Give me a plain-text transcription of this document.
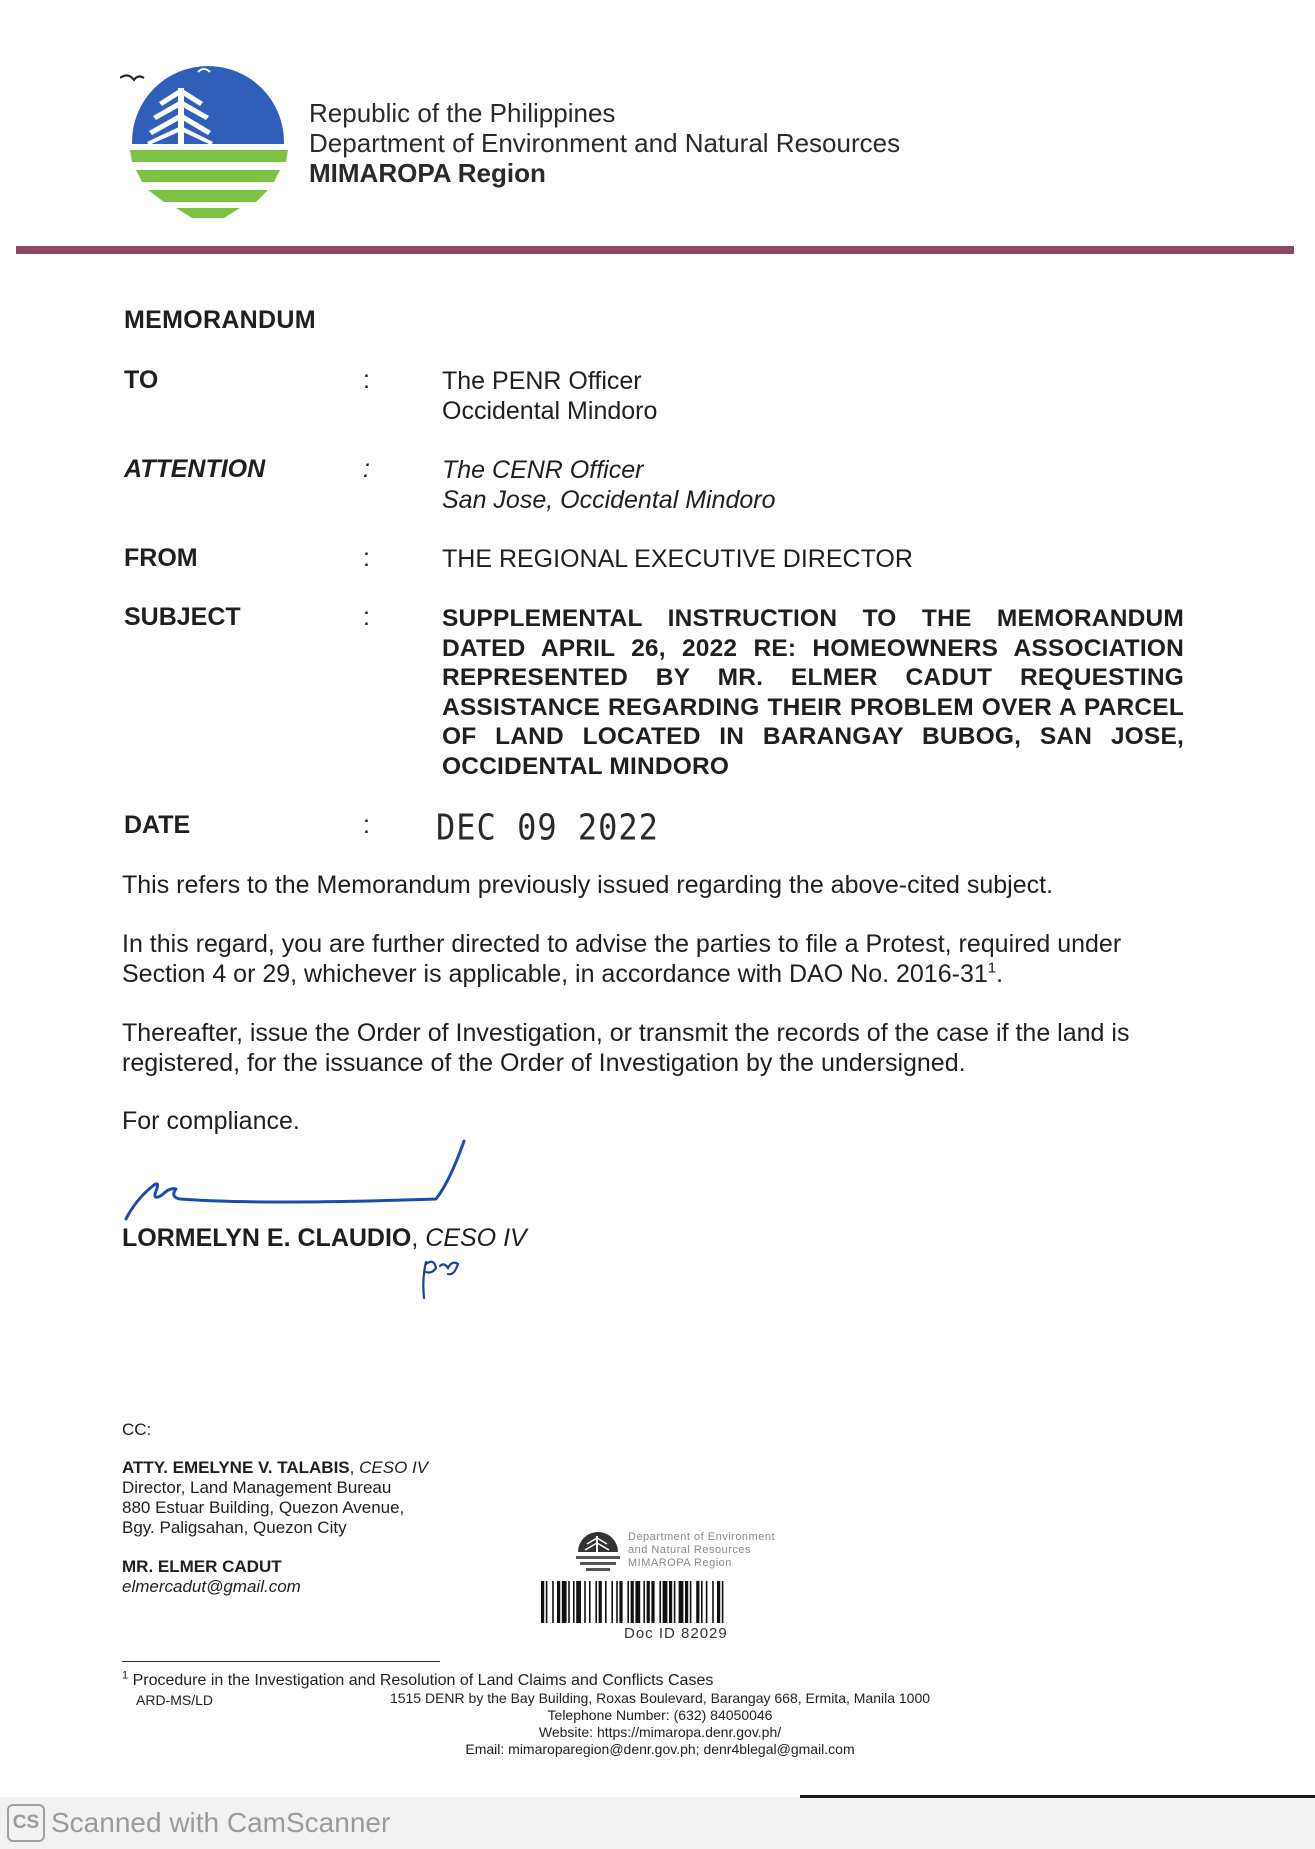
Republic of the Philippines
Department of Environment and Natural Resources
MIMAROPA Region
MEMORANDUM
TO	:	The PENR Officer
Occidental Mindoro
ATTENTION	:	The CENR Officer
San Jose, Occidental Mindoro
FROM	:	THE REGIONAL EXECUTIVE DIRECTOR
SUBJECT	:	SUPPLEMENTAL INSTRUCTION TO THE MEMORANDUM DATED APRIL 26, 2022 RE: HOMEOWNERS ASSOCIATION REPRESENTED BY MR. ELMER CADUT REQUESTING ASSISTANCE REGARDING THEIR PROBLEM OVER A PARCEL OF LAND LOCATED IN BARANGAY BUBOG, SAN JOSE, OCCIDENTAL MINDORO
DATE	: DEC 09 2022
This refers to the Memorandum previously issued regarding the above-cited subject.
In this regard, you are further directed to advise the parties to file a Protest, required under Section 4 or 29, whichever is applicable, in accordance with DAO No. $2016-31^1$.
Thereafter, issue the Order of Investigation, or transmit the records of the case if the land is registered, for the issuance of the Order of Investigation by the undersigned.
For compliance.
LORMELYN E. CLAUDIO, CESO IV
CC:
ATTY. EMELYNE V. TALABIS, CESO IV
Director, Land Management Bureau
880 Estuar Building, Quezon Avenue,
Bgy. Paligsahan, Quezon City
MR. ELMER CADUT
elmercadut@gmail.com
Department of Environment
and Natural Resources
MIMAROPA Region
Doc ID 82029
$^1$ Procedure in the Investigation and Resolution of Land Claims and Conflicts Cases
ARD-MS/LD	1515 DENR by the Bay Building, Roxas Boulevard, Barangay 668, Ermita, Manila 1000
Telephone Number: (632) 84050046
Website: https://mimaropa.denr.gov.ph/
Email: mimaroparegion@denr.gov.ph; denr4blegal@gmail.com
CS Scanned with CamScanner
